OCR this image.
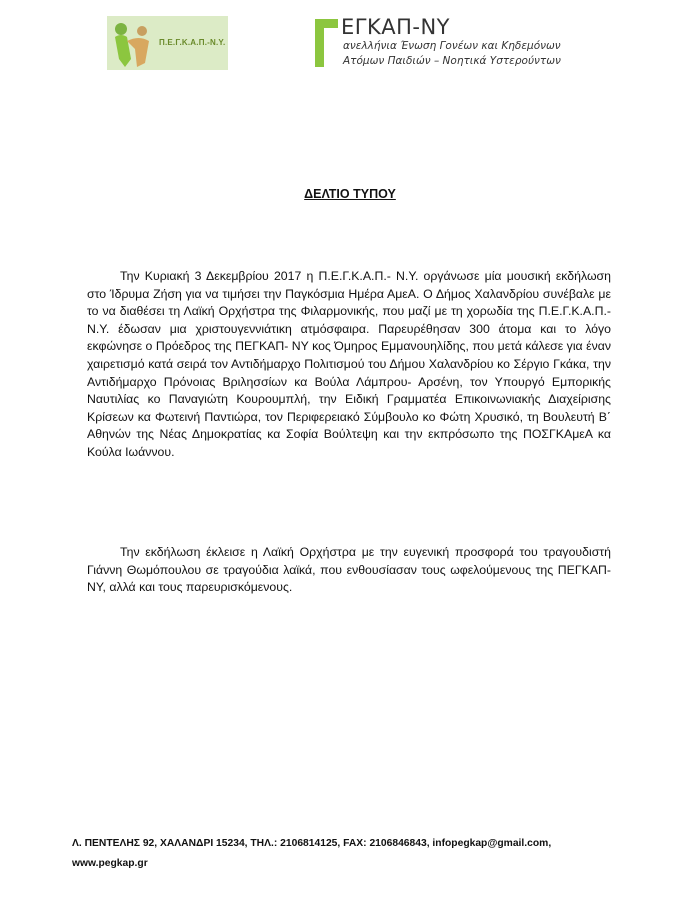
Π.Ε.Γ.Κ.Α.Π.-Ν.Υ.
ΕΓΚΑΠ-ΝΥ
ανελλήνια Ένωση Γονέων και Κηδεμόνων
Ατόμων Παιδιών – Νοητικά Υστερούντων
ΔΕΛΤΙΟ ΤΥΠΟΥ
Την Κυριακή 3 Δεκεμβρίου 2017 η Π.Ε.Γ.Κ.Α.Π.- Ν.Υ. οργάνωσε μία μουσική εκδήλωση στο Ίδρυμα Ζήση για να τιμήσει την Παγκόσμια Ημέρα ΑμεΑ. Ο Δήμος Χαλανδρίου συνέβαλε με το να διαθέσει τη Λαϊκή Ορχήστρα της Φιλαρμονικής, που μαζί με τη χορωδία της Π.Ε.Γ.Κ.Α.Π.- Ν.Υ. έδωσαν μια χριστουγεννιάτικη ατμόσφαιρα. Παρευρέθησαν 300 άτομα και το λόγο εκφώνησε ο Πρόεδρος της ΠΕΓΚΑΠ- ΝΥ κος Όμηρος Εμμανουηλίδης, που μετά κάλεσε για έναν χαιρετισμό κατά σειρά τον Αντιδήμαρχο Πολιτισμού του Δήμου Χαλανδρίου κο Σέργιο Γκάκα, την Αντιδήμαρχο Πρόνοιας Βριλησσίων κα Βούλα Λάμπρου- Αρσένη, τον Υπουργό Εμπορικής Ναυτιλίας κο Παναγιώτη Κουρουμπλή, την Ειδική Γραμματέα Επικοινωνιακής Διαχείρισης Κρίσεων κα Φωτεινή Παντιώρα, τον Περιφερειακό Σύμβουλο κο Φώτη Χρυσικό, τη Βουλευτή Β΄ Αθηνών της Νέας Δημοκρατίας κα Σοφία Βούλτεψη και την εκπρόσωπο της ΠΟΣΓΚΑμεΑ κα Κούλα Ιωάννου.
Την εκδήλωση έκλεισε η Λαϊκή Ορχήστρα με την ευγενική προσφορά του τραγουδιστή Γιάννη Θωμόπουλου σε τραγούδια λαϊκά, που ενθουσίασαν τους ωφελούμενους της ΠΕΓΚΑΠ- ΝΥ, αλλά και τους παρευρισκόμενους.
Λ. ΠΕΝΤΕΛΗΣ 92, ΧΑΛΑΝΔΡΙ 15234, ΤΗΛ.: 2106814125, FAX: 2106846843, infopegkap@gmail.com,
www.pegkap.gr
